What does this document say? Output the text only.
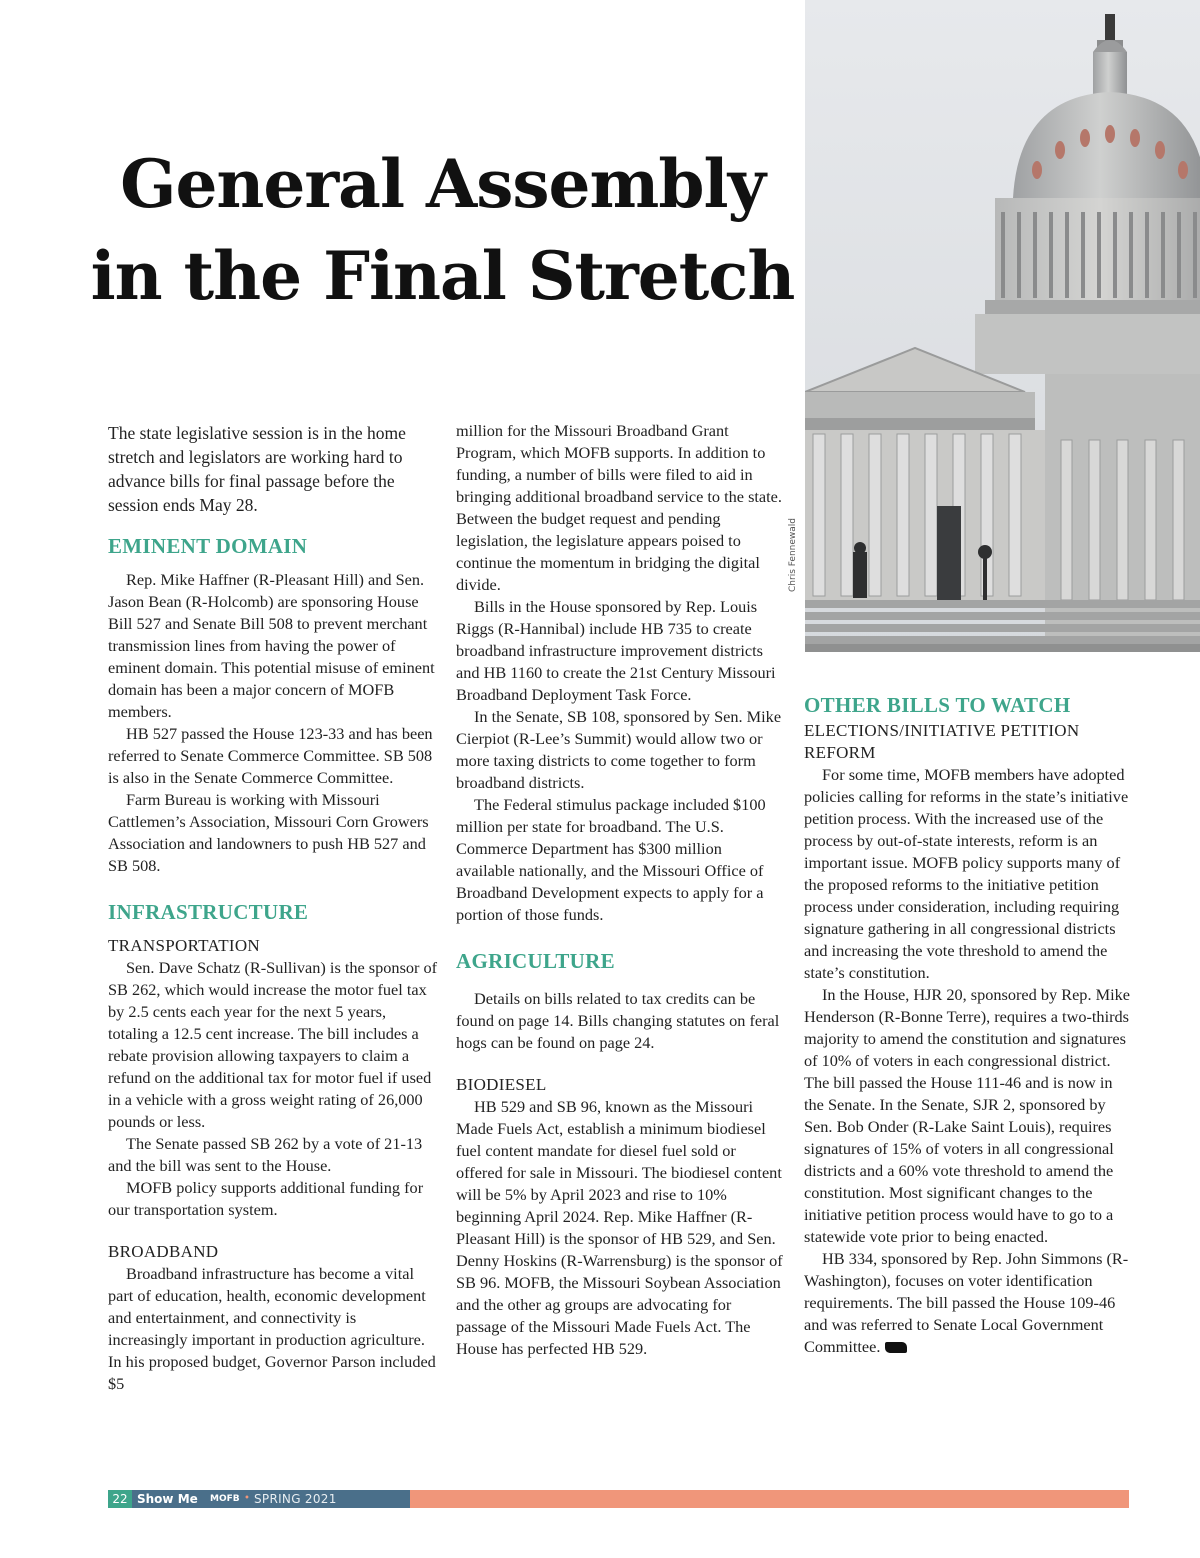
General Assembly
in the Final Stretch
Chris Fennewald

The state legislative session is in the home stretch and legislators are working hard to advance bills for final passage before the session ends May 28.

EMINENT DOMAIN

Rep. Mike Haffner (R-Pleasant Hill) and Sen. Jason Bean (R-Holcomb) are sponsoring House Bill 527 and Senate Bill 508 to prevent merchant transmission lines from having the power of eminent domain. This potential misuse of eminent domain has been a major concern of MOFB members.

HB 527 passed the House 123-33 and has been referred to Senate Commerce Committee. SB 508 is also in the Senate Commerce Committee.

Farm Bureau is working with Missouri Cattlemen’s Association, Missouri Corn Growers Association and landowners to push HB 527 and SB 508.

INFRASTRUCTURE
TRANSPORTATION

Sen. Dave Schatz (R-Sullivan) is the sponsor of SB 262, which would increase the motor fuel tax by 2.5 cents each year for the next 5 years, totaling a 12.5 cent increase. The bill includes a rebate provision allowing taxpayers to claim a refund on the additional tax for motor fuel if used in a vehicle with a gross weight rating of 26,000 pounds or less.

The Senate passed SB 262 by a vote of 21-13 and the bill was sent to the House.

MOFB policy supports additional funding for our transportation system.

BROADBAND

Broadband infrastructure has become a vital part of education, health, economic development and entertainment, and connectivity is increasingly important in production agriculture. In his proposed budget, Governor Parson included $5

million for the Missouri Broadband Grant Program, which MOFB supports. In addition to funding, a number of bills were filed to aid in bringing additional broadband service to the state. Between the budget request and pending legislation, the legislature appears poised to continue the momentum in bridging the digital divide.

Bills in the House sponsored by Rep. Louis Riggs (R-Hannibal) include HB 735 to create broadband infrastructure improvement districts and HB 1160 to create the 21st Century Missouri Broadband Deployment Task Force.

In the Senate, SB 108, sponsored by Sen. Mike Cierpiot (R-Lee’s Summit) would allow two or more taxing districts to come together to form broadband districts.

The Federal stimulus package included $100 million per state for broadband. The U.S. Commerce Department has $300 million available nationally, and the Missouri Office of Broadband Development expects to apply for a portion of those funds.

AGRICULTURE

Details on bills related to tax credits can be found on page 14. Bills changing statutes on feral hogs can be found on page 24.

BIODIESEL

HB 529 and SB 96, known as the Missouri Made Fuels Act, establish a minimum biodiesel fuel content mandate for diesel fuel sold or offered for sale in Missouri. The biodiesel content will be 5% by April 2023 and rise to 10% beginning April 2024. Rep. Mike Haffner (R-Pleasant Hill) is the sponsor of HB 529, and Sen. Denny Hoskins (R-Warrensburg) is the sponsor of SB 96. MOFB, the Missouri Soybean Association and the other ag groups are advocating for passage of the Missouri Made Fuels Act. The House has perfected HB 529.

OTHER BILLS TO WATCH
ELECTIONS/INITIATIVE PETITION REFORM

For some time, MOFB members have adopted policies calling for reforms in the state’s initiative petition process. With the increased use of the process by out-of-state interests, reform is an important issue. MOFB policy supports many of the proposed reforms to the initiative petition process under consideration, including requiring signature gathering in all congressional districts and increasing the vote threshold to amend the state’s constitution.

In the House, HJR 20, sponsored by Rep. Mike Henderson (R-Bonne Terre), requires a two-thirds majority to amend the constitution and signatures of 10% of voters in each congressional district. The bill passed the House 111-46 and is now in the Senate. In the Senate, SJR 2, sponsored by Sen. Bob Onder (R-Lake Saint Louis), requires signatures of 15% of voters in all congressional districts and a 60% vote threshold to amend the constitution. Most significant changes to the initiative petition process would have to go to a statewide vote prior to being enacted.

HB 334, sponsored by Rep. John Simmons (R-Washington), focuses on voter identification requirements. The bill passed the House 109-46 and was referred to Senate Local Government Committee.

22 Show Me MOFB • SPRING 2021
